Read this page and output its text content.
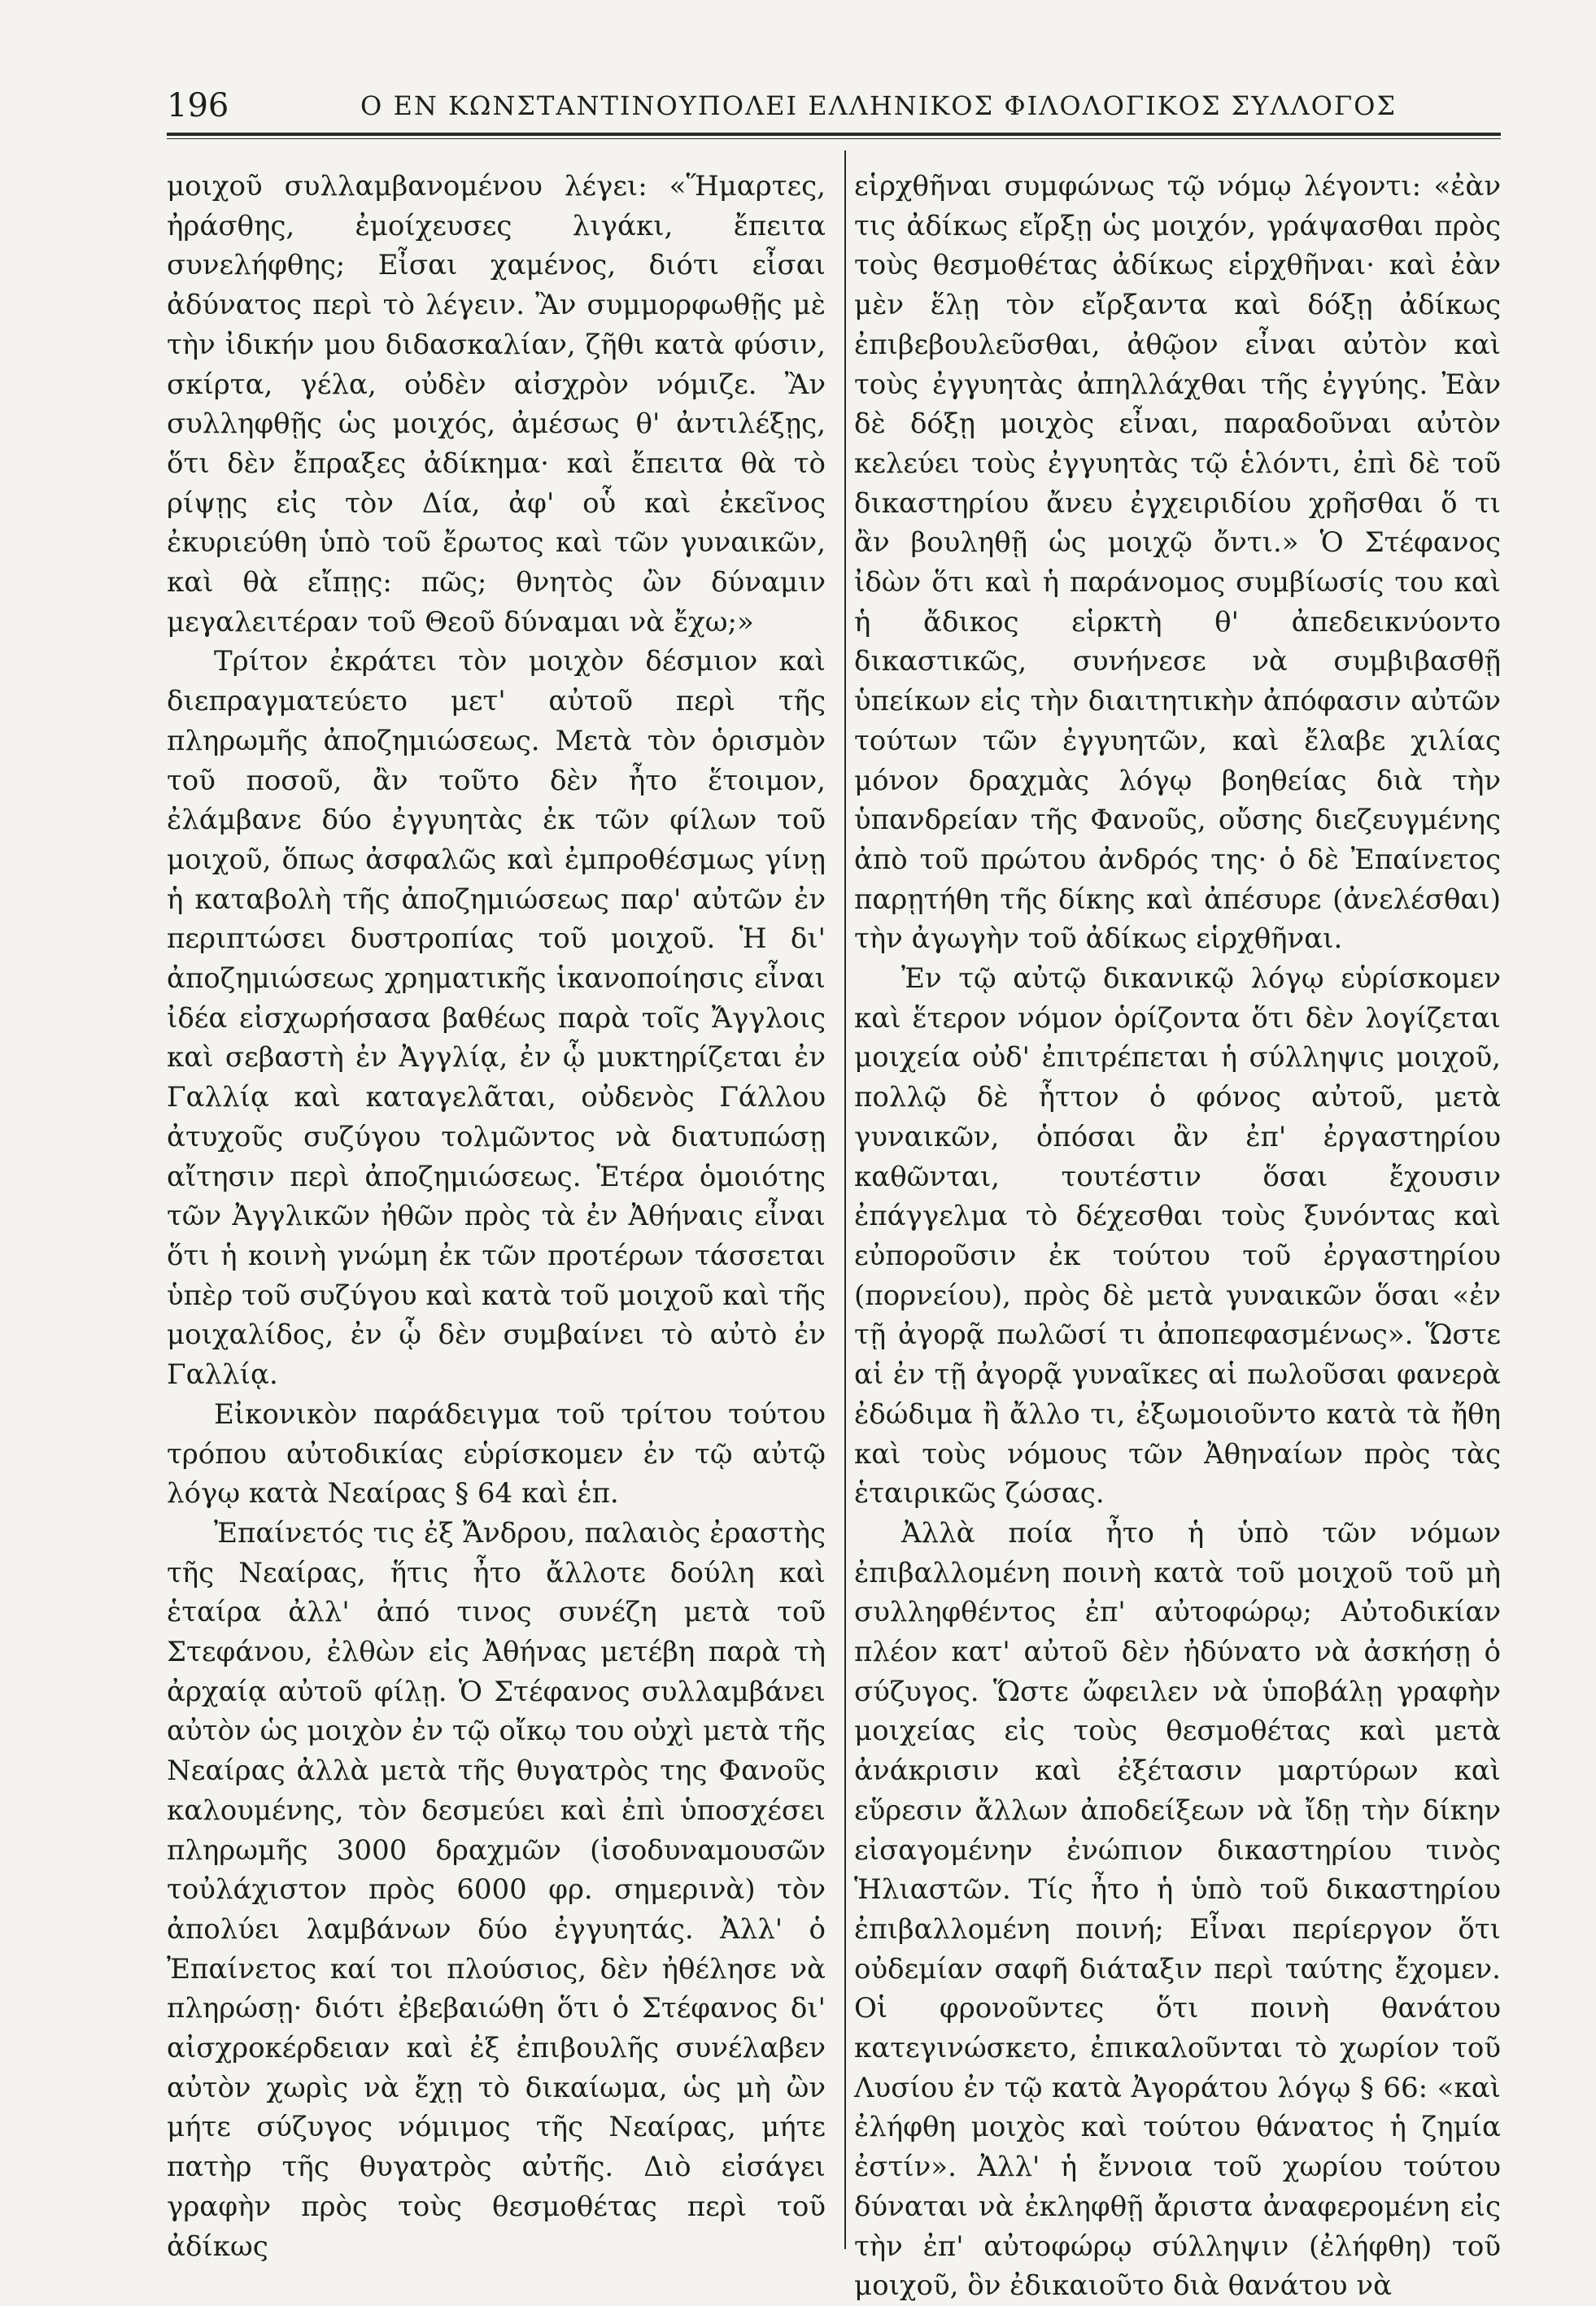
196	Ο ΕΝ ΚΩΝΣΤΑΝΤΙΝΟΥΠΟΛΕΙ ΕΛΛΗΝΙΚΟΣ ΦΙΛΟΛΟΓΙΚΟΣ ΣΥΛΛΟΓΟΣ

μοιχοῦ συλλαμβανομένου λέγει: «Ἥμαρτες, ἠράσθης, ἐμοίχευσες λιγάκι, ἔπειτα συνελήφθης; Εἶσαι χαμένος, διότι εἶσαι ἀδύνατος περὶ τὸ λέγειν. Ἂν συμμορφωθῇς μὲ τὴν ἰδικήν μου διδασκαλίαν, ζῆθι κατὰ φύσιν, σκίρτα, γέλα, οὐδὲν αἰσχρὸν νόμιζε. Ἂν συλληφθῇς ὡς μοιχός, ἀμέσως θ' ἀντιλέξῃς, ὅτι δὲν ἔπραξες ἀδίκημα· καὶ ἔπειτα θὰ τὸ ρίψῃς εἰς τὸν Δία, ἀφ' οὗ καὶ ἐκεῖνος ἐκυριεύθη ὑπὸ τοῦ ἔρωτος καὶ τῶν γυναικῶν, καὶ θὰ εἴπῃς: πῶς; θνητὸς ὢν δύναμιν μεγαλειτέραν τοῦ Θεοῦ δύναμαι νὰ ἔχω;»

Τρίτον ἐκράτει τὸν μοιχὸν δέσμιον καὶ διεπραγματεύετο μετ' αὐτοῦ περὶ τῆς πληρωμῆς ἀποζημιώσεως. Μετὰ τὸν ὁρισμὸν τοῦ ποσοῦ, ἂν τοῦτο δὲν ἦτο ἕτοιμον, ἐλάμβανε δύο ἐγγυητὰς ἐκ τῶν φίλων τοῦ μοιχοῦ, ὅπως ἀσφαλῶς καὶ ἐμπροθέσμως γίνῃ ἡ καταβολὴ τῆς ἀποζημιώσεως παρ' αὐτῶν ἐν περιπτώσει δυστροπίας τοῦ μοιχοῦ. Ἡ δι' ἀποζημιώσεως χρηματικῆς ἱκανοποίησις εἶναι ἰδέα εἰσχωρήσασα βαθέως παρὰ τοῖς Ἄγγλοις καὶ σεβαστὴ ἐν Ἀγγλίᾳ, ἐν ᾧ μυκτηρίζεται ἐν Γαλλίᾳ καὶ καταγελᾶται, οὐδενὸς Γάλλου ἀτυχοῦς συζύγου τολμῶντος νὰ διατυπώσῃ αἴτησιν περὶ ἀποζημιώσεως. Ἑτέρα ὁμοιότης τῶν Ἀγγλικῶν ἠθῶν πρὸς τὰ ἐν Ἀθήναις εἶναι ὅτι ἡ κοινὴ γνώμη ἐκ τῶν προτέρων τάσσεται ὑπὲρ τοῦ συζύγου καὶ κατὰ τοῦ μοιχοῦ καὶ τῆς μοιχαλίδος, ἐν ᾧ δὲν συμβαίνει τὸ αὐτὸ ἐν Γαλλίᾳ.

Εἰκονικὸν παράδειγμα τοῦ τρίτου τούτου τρόπου αὐτοδικίας εὑρίσκομεν ἐν τῷ αὐτῷ λόγῳ κατὰ Νεαίρας § 64 καὶ ἑπ.

Ἐπαίνετός τις ἐξ Ἄνδρου, παλαιὸς ἐραστὴς τῆς Νεαίρας, ἥτις ἦτο ἄλλοτε δούλη καὶ ἑταίρα ἀλλ' ἀπό τινος συνέζη μετὰ τοῦ Στεφάνου, ἐλθὼν εἰς Ἀθήνας μετέβη παρὰ τὴ ἀρχαίᾳ αὐτοῦ φίλῃ. Ὁ Στέφανος συλλαμβάνει αὐτὸν ὡς μοιχὸν ἐν τῷ οἴκῳ του οὐχὶ μετὰ τῆς Νεαίρας ἀλλὰ μετὰ τῆς θυγατρὸς της Φανοῦς καλουμένης, τὸν δεσμεύει καὶ ἐπὶ ὑποσχέσει πληρωμῆς 3000 δραχμῶν (ἰσοδυναμουσῶν τοὐλάχιστον πρὸς 6000 φρ. σημερινὰ) τὸν ἀπολύει λαμβάνων δύο ἐγγυητάς. Ἀλλ' ὁ Ἐπαίνετος καί τοι πλούσιος, δὲν ἠθέλησε νὰ πληρώσῃ· διότι ἐβεβαιώθη ὅτι ὁ Στέφανος δι' αἰσχροκέρδειαν καὶ ἐξ ἐπιβουλῆς συνέλαβεν αὐτὸν χωρὶς νὰ ἔχῃ τὸ δικαίωμα, ὡς μὴ ὢν μήτε σύζυγος νόμιμος τῆς Νεαίρας, μήτε πατὴρ τῆς θυγατρὸς αὐτῆς. Διὸ εἰσάγει γραφὴν πρὸς τοὺς θεσμοθέτας περὶ τοῦ ἀδίκως

εἱρχθῆναι συμφώνως τῷ νόμῳ λέγοντι: «ἐὰν τις ἀδίκως εἴρξῃ ὡς μοιχόν, γράψασθαι πρὸς τοὺς θεσμοθέτας ἀδίκως εἱρχθῆναι· καὶ ἐὰν μὲν ἕλῃ τὸν εἴρξαντα καὶ δόξῃ ἀδίκως ἐπιβεβουλεῦσθαι, ἀθῷον εἶναι αὐτὸν καὶ τοὺς ἐγγυητὰς ἀπηλλάχθαι τῆς ἐγγύης. Ἐὰν δὲ δόξῃ μοιχὸς εἶναι, παραδοῦναι αὐτὸν κελεύει τοὺς ἐγγυητὰς τῷ ἑλόντι, ἐπὶ δὲ τοῦ δικαστηρίου ἄνευ ἐγχειριδίου χρῆσθαι ὅ τι ἂν βουληθῇ ὡς μοιχῷ ὄντι.» Ὁ Στέφανος ἰδὼν ὅτι καὶ ἡ παράνομος συμβίωσίς του καὶ ἡ ἄδικος εἱρκτὴ θ' ἀπεδεικνύοντο δικαστικῶς, συνήνεσε νὰ συμβιβασθῇ ὑπείκων εἰς τὴν διαιτητικὴν ἀπόφασιν αὐτῶν τούτων τῶν ἐγγυητῶν, καὶ ἔλαβε χιλίας μόνον δραχμὰς λόγῳ βοηθείας διὰ τὴν ὑπανδρείαν τῆς Φανοῦς, οὔσης διεζευγμένης ἀπὸ τοῦ πρώτου ἀνδρός της· ὁ δὲ Ἐπαίνετος παρῃτήθη τῆς δίκης καὶ ἀπέσυρε (ἀνελέσθαι) τὴν ἀγωγὴν τοῦ ἀδίκως εἱρχθῆναι.

Ἐν τῷ αὐτῷ δικανικῷ λόγῳ εὑρίσκομεν καὶ ἕτερον νόμον ὁρίζοντα ὅτι δὲν λογίζεται μοιχεία οὐδ' ἐπιτρέπεται ἡ σύλληψις μοιχοῦ, πολλῷ δὲ ἧττον ὁ φόνος αὐτοῦ, μετὰ γυναικῶν, ὁπόσαι ἂν ἐπ' ἐργαστηρίου καθῶνται, τουτέστιν ὅσαι ἔχουσιν ἐπάγγελμα τὸ δέχεσθαι τοὺς ξυνόντας καὶ εὐποροῦσιν ἐκ τούτου τοῦ ἐργαστηρίου (πορνείου), πρὸς δὲ μετὰ γυναικῶν ὅσαι «ἐν τῇ ἀγορᾷ πωλῶσί τι ἀποπεφασμένως». Ὥστε αἱ ἐν τῇ ἀγορᾷ γυναῖκες αἱ πωλοῦσαι φανερὰ ἐδώδιμα ἢ ἄλλο τι, ἐξωμοιοῦντο κατὰ τὰ ἤθη καὶ τοὺς νόμους τῶν Ἀθηναίων πρὸς τὰς ἑταιρικῶς ζώσας.

Ἀλλὰ ποία ἦτο ἡ ὑπὸ τῶν νόμων ἐπιβαλλομένη ποινὴ κατὰ τοῦ μοιχοῦ τοῦ μὴ συλληφθέντος ἐπ' αὐτοφώρῳ; Αὐτοδικίαν πλέον κατ' αὐτοῦ δὲν ἠδύνατο νὰ ἀσκήσῃ ὁ σύζυγος. Ὥστε ὤφειλεν νὰ ὑποβάλῃ γραφὴν μοιχείας εἰς τοὺς θεσμοθέτας καὶ μετὰ ἀνάκρισιν καὶ ἐξέτασιν μαρτύρων καὶ εὕρεσιν ἄλλων ἀποδείξεων νὰ ἴδῃ τὴν δίκην εἰσαγομένην ἐνώπιον δικαστηρίου τινὸς Ἡλιαστῶν. Τίς ἦτο ἡ ὑπὸ τοῦ δικαστηρίου ἐπιβαλλομένη ποινή; Εἶναι περίεργον ὅτι οὐδεμίαν σαφῆ διάταξιν περὶ ταύτης ἔχομεν. Οἱ φρονοῦντες ὅτι ποινὴ θανάτου κατεγινώσκετο, ἐπικαλοῦνται τὸ χωρίον τοῦ Λυσίου ἐν τῷ κατὰ Ἀγοράτου λόγῳ § 66: «καὶ ἐλήφθη μοιχὸς καὶ τούτου θάνατος ἡ ζημία ἐστίν». Ἀλλ' ἡ ἔννοια τοῦ χωρίου τούτου δύναται νὰ ἐκληφθῇ ἄριστα ἀναφερομένη εἰς τὴν ἐπ' αὐτοφώρῳ σύλληψιν (ἐλήφθη) τοῦ μοιχοῦ, ὃν ἐδικαιοῦτο διὰ θανάτου νὰ
